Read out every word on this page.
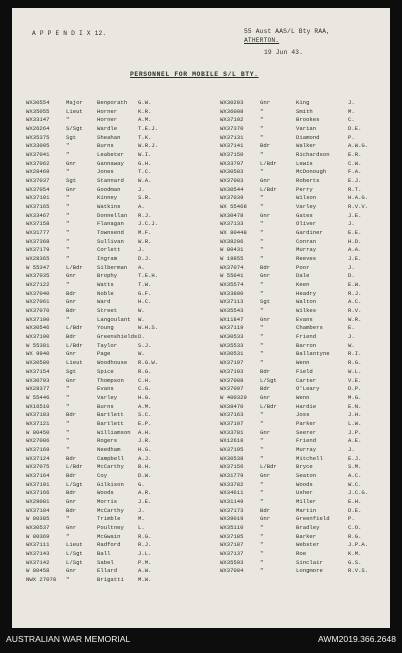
A P P E N D I X 12.	55 Aust AAS/L Bty RAA,
ATHERTON.
19 Jun 43.
PERSONNEL FOR MOBILE S/L BTY.
WX30554	Major	Benporath G.W.
WX35055	Lieut	Horner	K.R.
WX33147	"	Horner	A.M.
WX26264	S/Sgt	Wardle	T.E.J.
WX35375	Sgt	Sheahan	T.K.
WX33005	"	Burns	W.R.J.
WX37041	"	Leabeter	W.I.
WX37062	Gnr	Gannaway	G.H.
WX28469	"	Jones	T.C.
WX37037	Sgt	Stannard	W.A.
WX37054	Gnr	Goodman	J.
WX37101	"	Kinney	S.R.
WX37165	"	Watkins	A.
WX33467	"	Donnellan R.J.
WX37158	"	Flanagan	J.C.J.
WX31777	"	Townsend	M.F.
WX37368	"	Sullivan	W.R.
WX37179	"	Corlett	J.
WX28365	"	Ingram	D.J.
W 55347	L/Bdr	Silberman A.
WX37035	Gnr	Brophy	T.E.H.
WX27122	"	Watts	T.W.
WX37040	Bdr	Noble	G.F.
WX27061	Gnr	Ward	H.C.
WX37070	Bdr	Street	W.
WX37100	"	Langoulant W.
WX30546	L/Bdr	Young	W.H.S.
WX37190	Bdr	Greenshields D.
W 55381	L/Bdr	Taylor	S.J.
WX 9940	Gnr	Page	W.
WX30580	Lieut	Woodhouse R.G.W.
WX37154	Sgt	Spice	R.G.
WX30793	Gnr	Thompson	C.H.
WX28377	"	Evans	C.G.
W 55446	"	Varley	H.G.
WX16510	"	Burns	A.M.
WX37183	Bdr	Bartlett	S.C.
WX37121	"	Bartlett	E.P.
W 80450	"	Williamson A.H.
WX27086	"	Rogers	J.R.
WX37169	"	Needham	H.G.
WX37124	Bdr	Campbell	A.J.
WX37075	L/Bdr	McCarthy	B.H.
WX37164	Bdr	Coy	D.W.
WX37191	L/Sgt	Gilkison	G.
WX37166	Bdr	Woods	A.R.
WX29081	Gnr	Morris	J.E.
WX37104	Bdr	McCarthy	J.
W 80385	"	Trimble	M.
WX30537	Gnr	Poultney	L.
W 80369	"	McGwain	R.G.
WX37111	Lieut	Radford	R.J.
WX37143	L/Sgt	Ball	J.L.
WX37142	L/Sgt	Sabel	P.M.
W 80458	Gnr	Ellard	A.W.
NWX 27078 "	Brigatti	M.W.
WX30203	Gnr	King	J.
WX36008	"	Smith	M.
WX37102	"	Brookes	C.
WX37370	"	Varian	D.E.
WX37131	"	Diamond	P.
WX37141	Bdr	Walker	A.W.G.
WX37150	"	Richardson	E.R.
WX33797	L/Bdr	Lewis	C.W.
WX30583	"	McDonough	F.A.
WX37083	Gnr	Roberts	E.J.
WX30544	L/Bdr	Perry	R.T.
WX37039	"	Wilson	H.A.G.
WX 55468 "	Varley	R.V.V.
WX30478	Gnr	Gates	J.E.
WX37133	"	Oliver	J.
WX 80448 "	Gardiner	E.E.
WX38206	"	Conran	H.D.
W 80431	"	Murray	A.A.
W 19855	"	Reeves	J.E.
WX37074	Bdr	Poor	J.
W 55041	Gnr	Dale	D.
WX35574	"	Keen	E.W.
WX33800	"	Headry	R.J.
WX37113	Sgt	Walton	A.C.
WX35543	"	Wilkes	R.V.
WX11847	Gnr	Evans	W.R.
WX37119	"	Chambers	E.
WX30533	"	Friend	J.
WX35533	"	Barron	W.
WX30531	"	Ballantyne	R.I.
WX37197	"	Wenn	R.G.
WX37103	Bdr	Field	W.L.
WX37088	L/Sgt	Carter	V.E.
WX37097	Bdr	O'Leary	D.P.
W 400329 Gnr	Wenn	M.G.
WX38470	L/Bdr	Hardie	E.N.
WX37163	"	Joss	J.H.
WX37107	"	Parker	L.W.
WX33781	Gnr	Seerer	J.P.
WX12618	"	Friend	A.E.
WX37195	"	Murray	J.
WX30538	"	Mitchell	E.J.
WX37156	L/Bdr	Bryce	S.M.
WX31779	Gnr	Seaton	A.C.
WX33782	"	Woods	W.C.
WX34611	"	Usher	J.C.G.
WX31149	"	Miller	E.H.
WX37173	Bdr	Martin	D.E.
WX39019	Gnr	Greenfield	P.
WX35110	"	Bradley	C.O.
WX37185	"	Barker	R.G.
WX37187	"	Webster	J.P.A.
WX37137	"	Roe	K.M.
WX35593	"	Sinclair	G.S.
WX37084	"	Longmore	R.V.S.
AUSTRALIAN WAR MEMORIAL	AWM2019.366.2648
